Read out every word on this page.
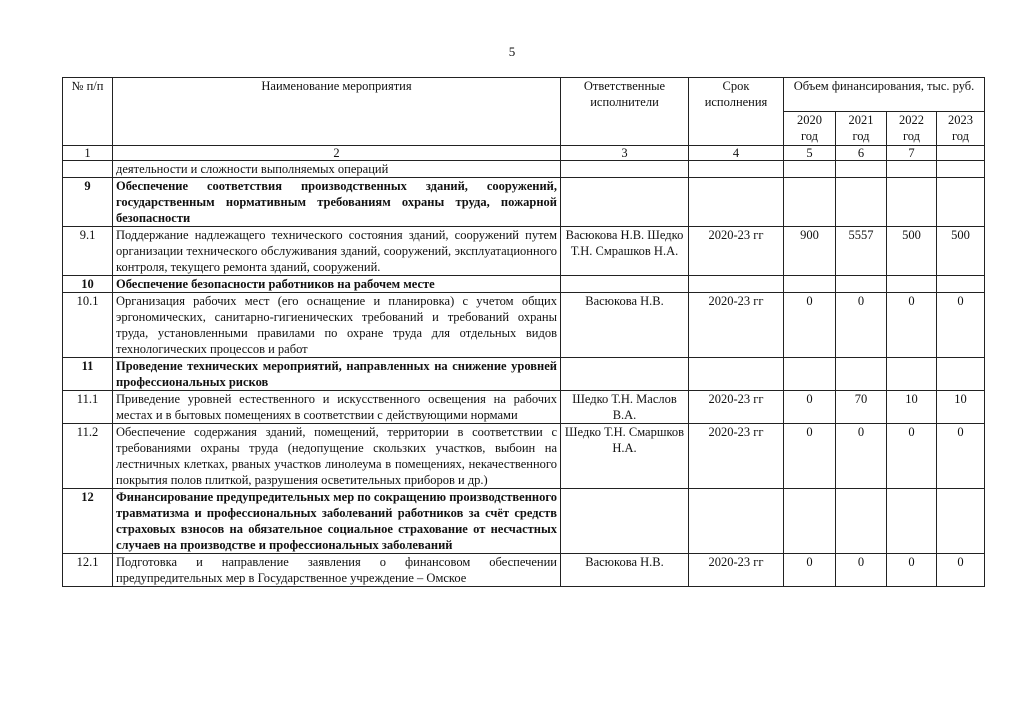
5
№ п/п	Наименование мероприятия	Ответственные исполнители	Срок исполнения	Объем финансирования, тыс. руб.			
				2020 год	2021 год	2022 год	2023 год
1	2	3	4	5	6	7	
	деятельности и сложности выполняемых операций						
9	Обеспечение соответствия производственных зданий, сооружений, государственным нормативным требованиям охраны труда, пожарной безопасности						
9.1	Поддержание надлежащего технического состояния зданий, сооружений путем организации технического обслуживания зданий, сооружений, эксплуатационного контроля, текущего ремонта зданий, сооружений.	Васюкова Н.В. Шедко Т.Н. Смрашков Н.А.	2020-23 гг	900	5557	500	500
10	Обеспечение безопасности работников на рабочем месте						
10.1	Организация рабочих мест (его оснащение и планировка) с учетом общих эргономических, санитарно-гигиенических требований и требований охраны труда, установленными правилами по охране труда для отдельных видов технологических процессов и работ	Васюкова Н.В.	2020-23 гг	0	0	0	0
11	Проведение технических мероприятий, направленных на снижение уровней профессиональных рисков						
11.1	Приведение уровней естественного и искусственного освещения на рабочих местах и в бытовых помещениях в соответствии с действующими нормами	Шедко Т.Н. Маслов В.А.	2020-23 гг	0	70	10	10
11.2	Обеспечение содержания зданий, помещений, территории в соответствии с требованиями охраны труда (недопущение скользких участков, выбоин на лестничных клетках, рваных участков линолеума в помещениях, некачественного покрытия полов плиткой, разрушения осветительных приборов и др.)	Шедко Т.Н. Смаршков Н.А.	2020-23 гг	0	0	0	0
12	Финансирование предупредительных мер по сокращению производственного травматизма и профессиональных заболеваний работников за счёт средств страховых взносов на обязательное социальное страхование от несчастных случаев на производстве и профессиональных заболеваний						
12.1	Подготовка и направление заявления о финансовом обеспечении предупредительных мер в Государственное учреждение – Омское	Васюкова Н.В.	2020-23 гг	0	0	0	0
